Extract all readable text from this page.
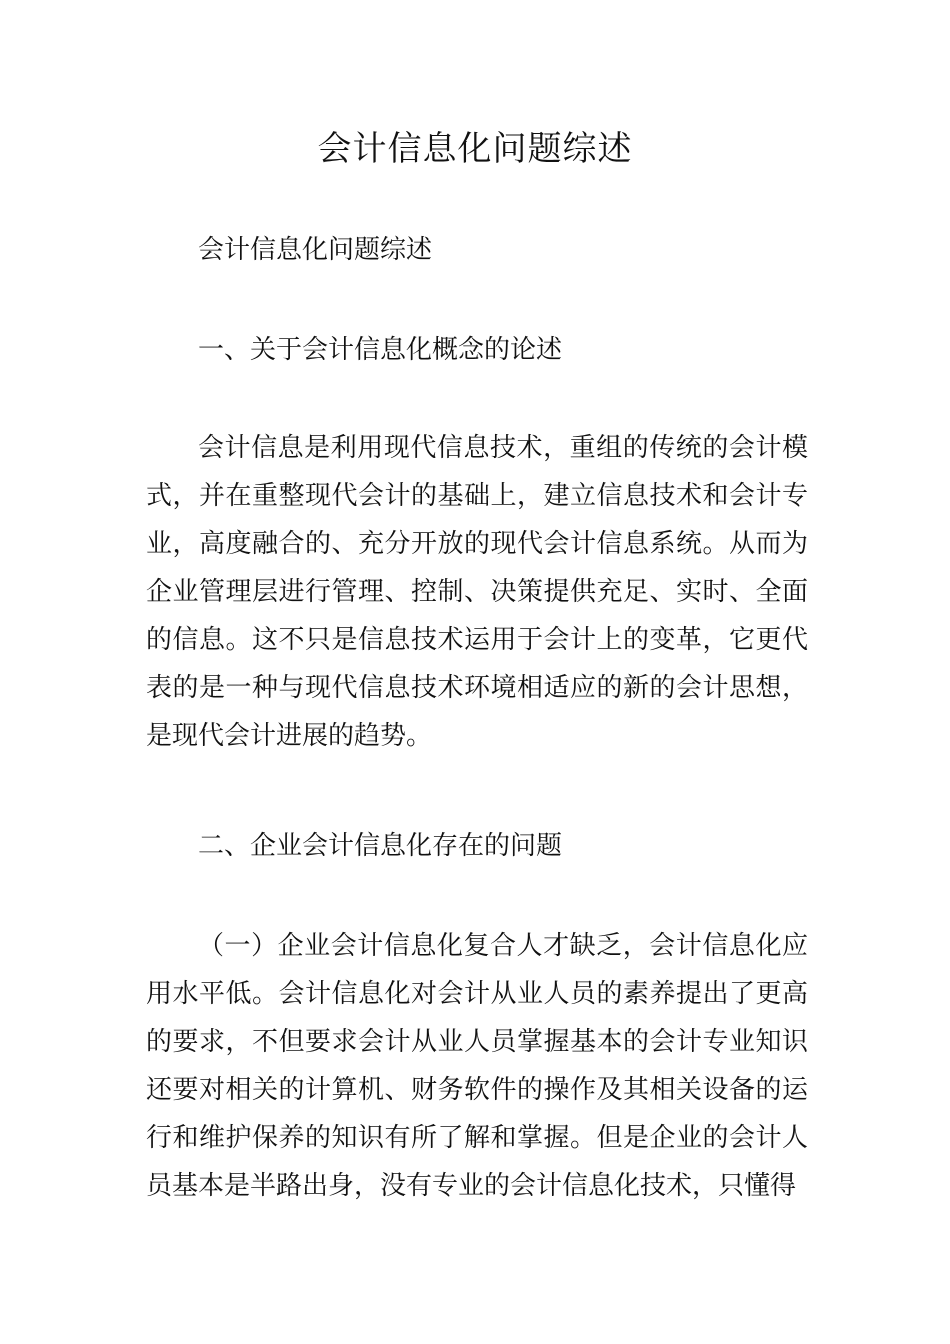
会计信息化问题综述

会计信息化问题综述

一、关于会计信息化概念的论述

会计信息是利用现代信息技术，重组的传统的会计模式，并在重整现代会计的基础上，建立信息技术和会计专业，高度融合的、充分开放的现代会计信息系统。从而为企业管理层进行管理、控制、决策提供充足、实时、全面的信息。这不只是信息技术运用于会计上的变革，它更代表的是一种与现代信息技术环境相适应的新的会计思想，是现代会计进展的趋势。

二、企业会计信息化存在的问题

（一）企业会计信息化复合人才缺乏，会计信息化应用水平低。会计信息化对会计从业人员的素养提出了更高的要求，不但要求会计从业人员掌握基本的会计专业知识还要对相关的计算机、财务软件的操作及其相关设备的运行和维护保养的知识有所了解和掌握。但是企业的会计人员基本是半路出身，没有专业的会计信息化技术，只懂得
